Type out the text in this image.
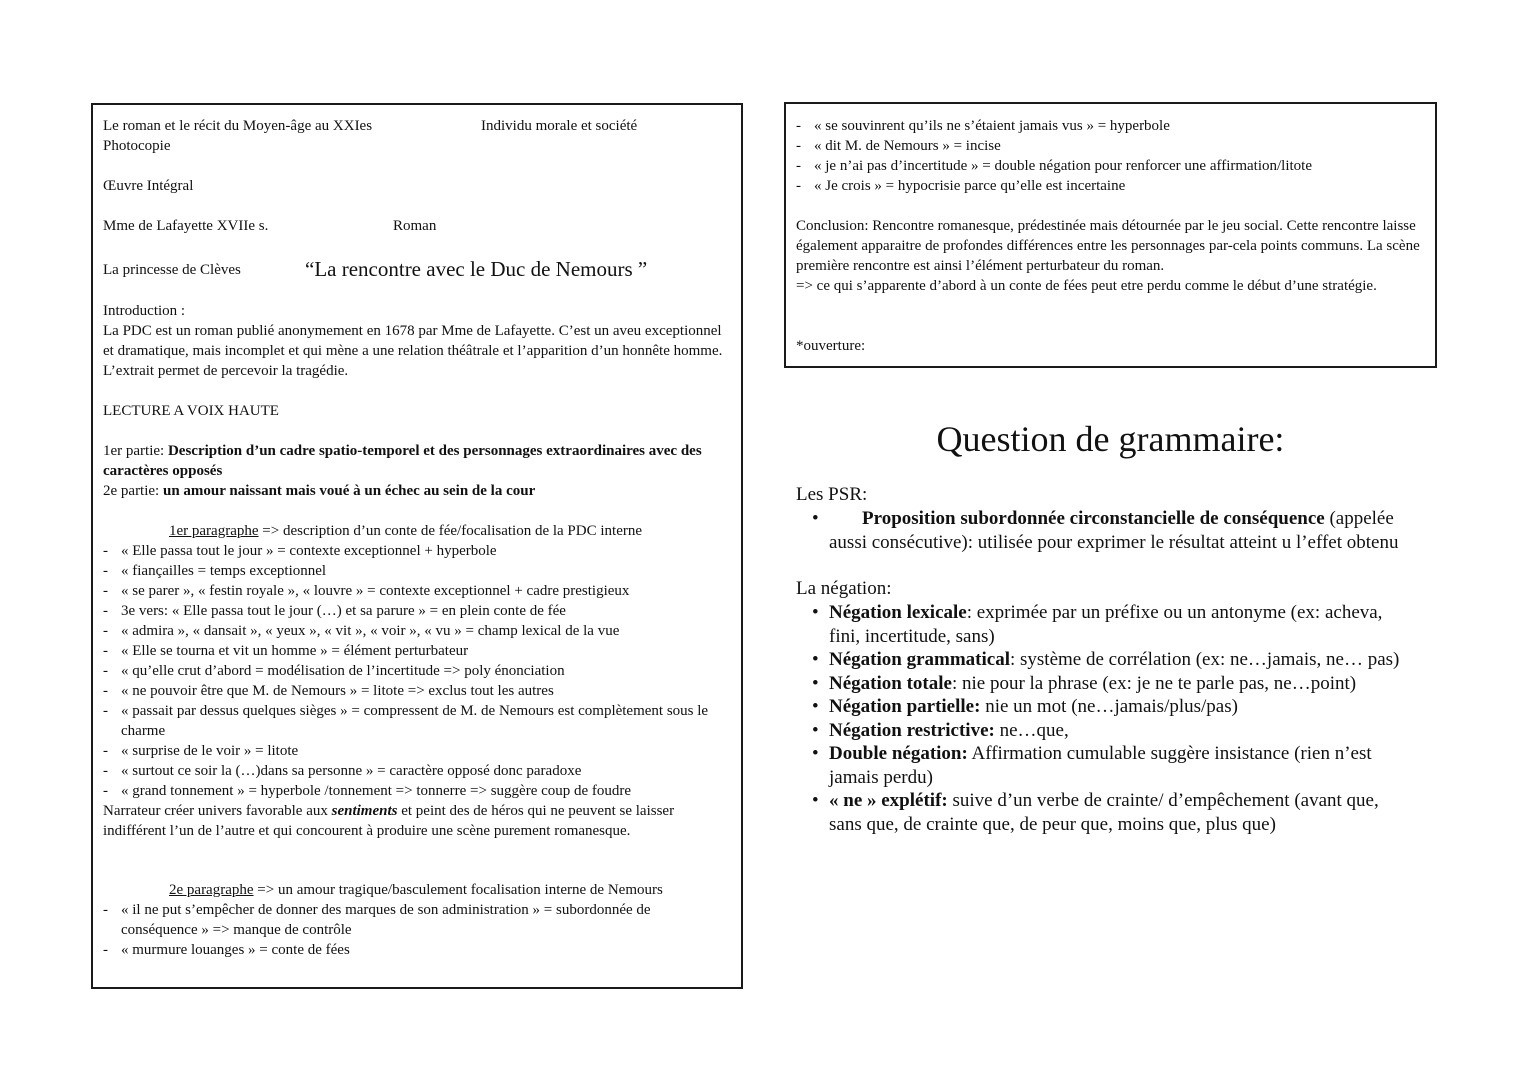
Le roman et le récit du Moyen-âge au XXIes	Individu morale et société
Photocopie
Œuvre Intégral
Mme de Lafayette XVIIe s.	Roman
La princesse de Clèves	“La rencontre avec le Duc de Nemours ”
Introduction :
La PDC est un roman publié anonymement en 1678 par Mme de Lafayette. C’est un aveu exceptionnel et dramatique, mais incomplet et qui mène a une relation théâtrale et l’apparition d’un honnête homme. L’extrait permet de percevoir la tragédie.
LECTURE A VOIX HAUTE
1er partie: Description d’un cadre spatio-temporel et des personnages extraordinaires avec des caractères opposés
2e partie: un amour naissant mais voué à un échec au sein de la cour
1er paragraphe => description d’un conte de fée/focalisation de la PDC interne
- « Elle passa tout le jour » = contexte exceptionnel + hyperbole
- « fiançailles = temps exceptionnel
- « se parer », « festin royale », « louvre » = contexte exceptionnel + cadre prestigieux
- 3e vers: « Elle passa tout le jour (…) et sa parure » = en plein conte de fée
- « admira », « dansait », « yeux », « vit », « voir », « vu » = champ lexical de la vue
- « Elle se tourna et vit un homme » = élément perturbateur
- « qu’elle crut d’abord = modélisation de l’incertitude => poly énonciation
- « ne pouvoir être que M. de Nemours » = litote => exclus tout les autres
- « passait par dessus quelques sièges » = compressent de M. de Nemours est complètement sous le charme
- « surprise de le voir » = litote
- « surtout ce soir la (…)dans sa personne » = caractère opposé donc paradoxe
- « grand tonnement » = hyperbole /tonnement => tonnerre => suggère coup de foudre
Narrateur créer univers favorable aux sentiments et peint des de héros qui ne peuvent se laisser indifférent l’un de l’autre et qui concourent à produire une scène purement romanesque.
2e paragraphe => un amour tragique/basculement focalisation interne de Nemours
- « il ne put s’empêcher de donner des marques de son administration » = subordonnée de conséquence » => manque de contrôle
- « murmure louanges » = conte de fées
- « se souvinrent qu’ils ne s’étaient jamais vus » = hyperbole
- « dit M. de Nemours » = incise
- « je n’ai pas d’incertitude » = double négation pour renforcer une affirmation/litote
- « Je crois » = hypocrisie parce qu’elle est incertaine
Conclusion: Rencontre romanesque, prédestinée mais détournée par le jeu social. Cette rencontre laisse également apparaitre de profondes différences entre les personnages par-cela points communs. La scène première rencontre est ainsi l’élément perturbateur du roman.
=> ce qui s’apparente d’abord à un conte de fées peut etre perdu comme le début d’une stratégie.
*ouverture:
Question de grammaire:
Les PSR:
• Proposition subordonnée circonstancielle de conséquence (appelée aussi consécutive): utilisée pour exprimer le résultat atteint u l’effet obtenu
La négation:
• Négation lexicale: exprimée par un préfixe ou un antonyme (ex: acheva, fini, incertitude, sans)
• Négation grammatical: système de corrélation (ex: ne…jamais, ne… pas)
• Négation totale: nie pour la phrase (ex: je ne te parle pas, ne…point)
• Négation partielle: nie un mot (ne…jamais/plus/pas)
• Négation restrictive: ne…que,
• Double négation: Affirmation cumulable suggère insistance (rien n’est jamais perdu)
• « ne » explétif: suive d’un verbe de crainte/ d’empêchement (avant que, sans que, de crainte que, de peur que, moins que, plus que)
